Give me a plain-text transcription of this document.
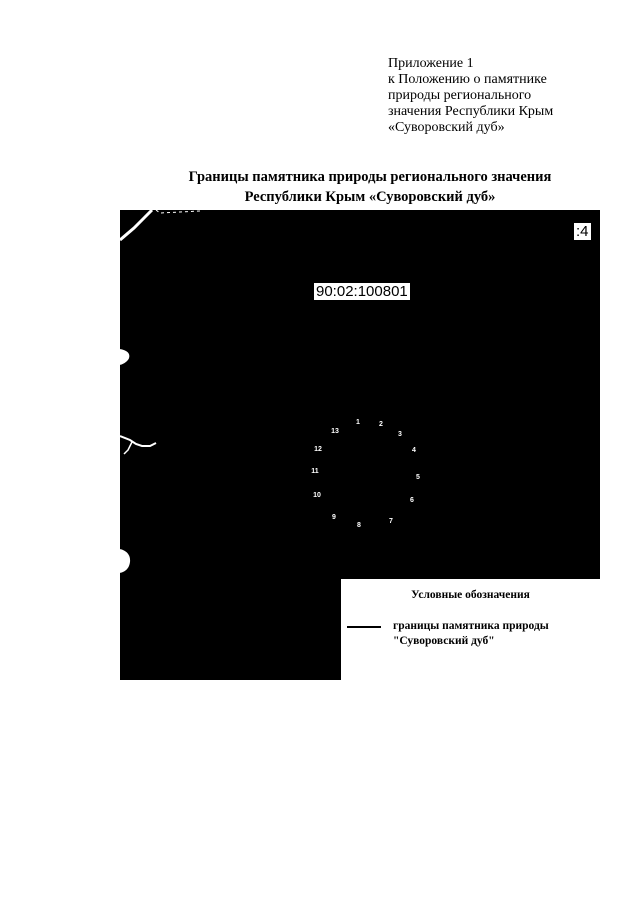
Приложение 1
к Положению о памятнике
природы регионального
значения Республики Крым
«Суворовский дуб»
Границы памятника природы регионального значения
Республики Крым «Суворовский дуб»
90:02:100801
:4
1	2
3
4
5
6
7
8
9
10
11
12
13
Условные обозначения
границы памятника природы
"Суворовский дуб"
